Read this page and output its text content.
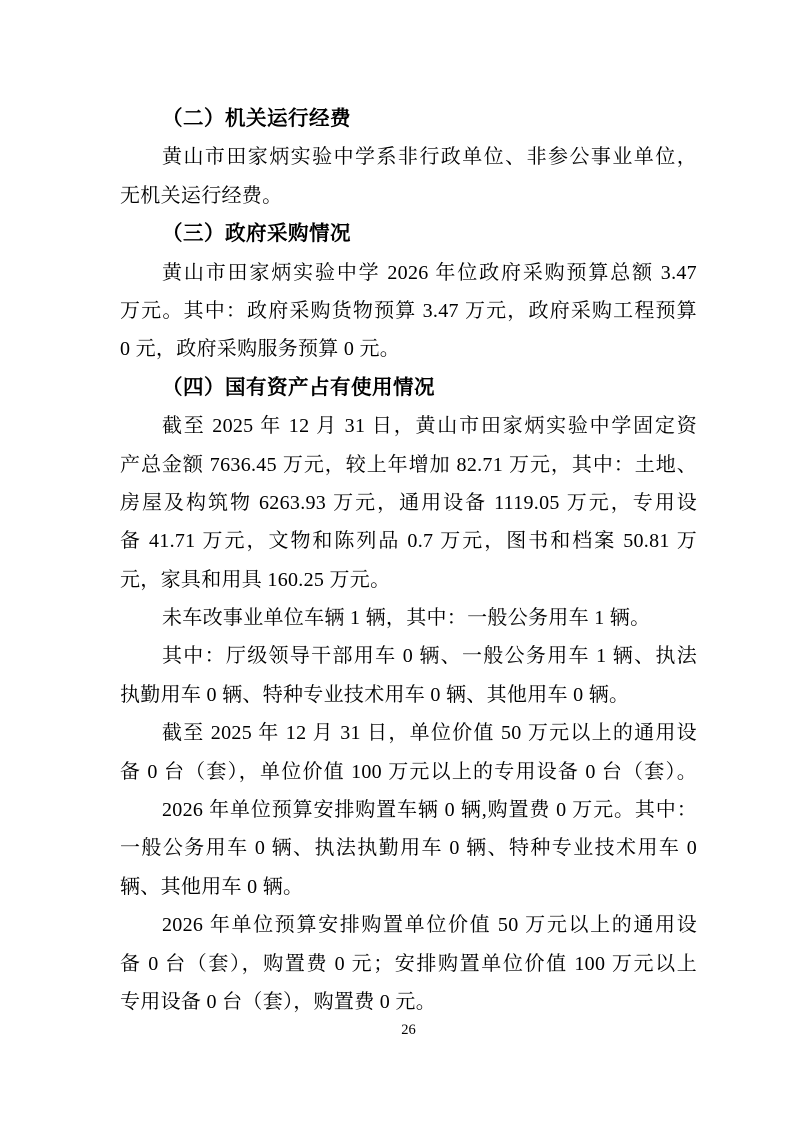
（二）机关运行经费
黄山市田家炳实验中学系非行政单位、非参公事业单位，
无机关运行经费。
（三）政府采购情况
黄山市田家炳实验中学 2026 年位政府采购预算总额 3.47
万元。其中：政府采购货物预算 3.47 万元，政府采购工程预算
0 元，政府采购服务预算 0 元。
（四）国有资产占有使用情况
截至 2025 年 12 月 31 日，黄山市田家炳实验中学固定资
产总金额 7636.45 万元，较上年增加 82.71 万元，其中：土地、
房屋及构筑物 6263.93 万元，通用设备 1119.05 万元，专用设
备 41.71 万元，文物和陈列品 0.7 万元，图书和档案 50.81 万
元，家具和用具 160.25 万元。
未车改事业单位车辆 1 辆，其中：一般公务用车 1 辆。
其中：厅级领导干部用车 0 辆、一般公务用车 1 辆、执法
执勤用车 0 辆、特种专业技术用车 0 辆、其他用车 0 辆。
截至 2025 年 12 月 31 日，单位价值 50 万元以上的通用设
备 0 台（套），单位价值 100 万元以上的专用设备 0 台（套）。
2026 年单位预算安排购置车辆 0 辆,购置费 0 万元。其中：
一般公务用车 0 辆、执法执勤用车 0 辆、特种专业技术用车 0
辆、其他用车 0 辆。
2026 年单位预算安排购置单位价值 50 万元以上的通用设
备 0 台（套），购置费 0 元；安排购置单位价值 100 万元以上
专用设备 0 台（套），购置费 0 元。
26
